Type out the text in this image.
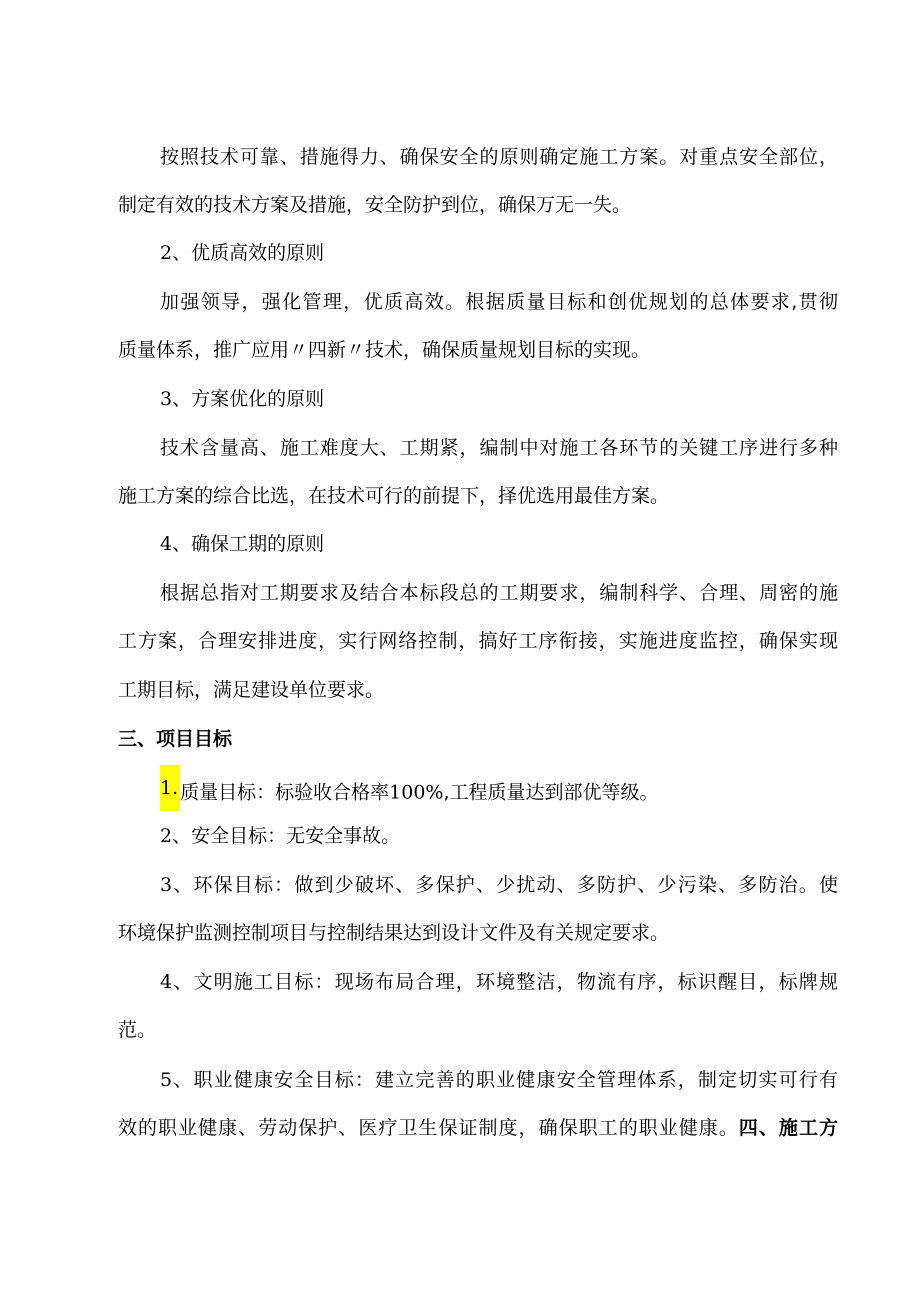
按照技术可靠、措施得力、确保安全的原则确定施工方案。对重点安全部位，
制定有效的技术方案及措施，安全防护到位，确保万无一失。
2、优质高效的原则
加强领导，强化管理，优质高效。根据质量目标和创优规划的总体要求,贯彻
质量体系，推广应用〃四新〃技术，确保质量规划目标的实现。
3、方案优化的原则
技术含量高、施工难度大、工期紧，编制中对施工各环节的关键工序进行多种
施工方案的综合比选，在技术可行的前提下，择优选用最佳方案。
4、确保工期的原则
根据总指对工期要求及结合本标段总的工期要求，编制科学、合理、周密的施
工方案，合理安排进度，实行网络控制，搞好工序衔接，实施进度监控，确保实现
工期目标，满足建设单位要求。
三、项目目标
1. 质量目标：标验收合格率100%,工程质量达到部优等级。
2、安全目标：无安全事故。
3、环保目标：做到少破坏、多保护、少扰动、多防护、少污染、多防治。使
环境保护监测控制项目与控制结果达到设计文件及有关规定要求。
4、文明施工目标：现场布局合理，环境整洁，物流有序，标识醒目，标牌规
范。
5、职业健康安全目标：建立完善的职业健康安全管理体系，制定切实可行有
效的职业健康、劳动保护、医疗卫生保证制度，确保职工的职业健康。四、施工方
